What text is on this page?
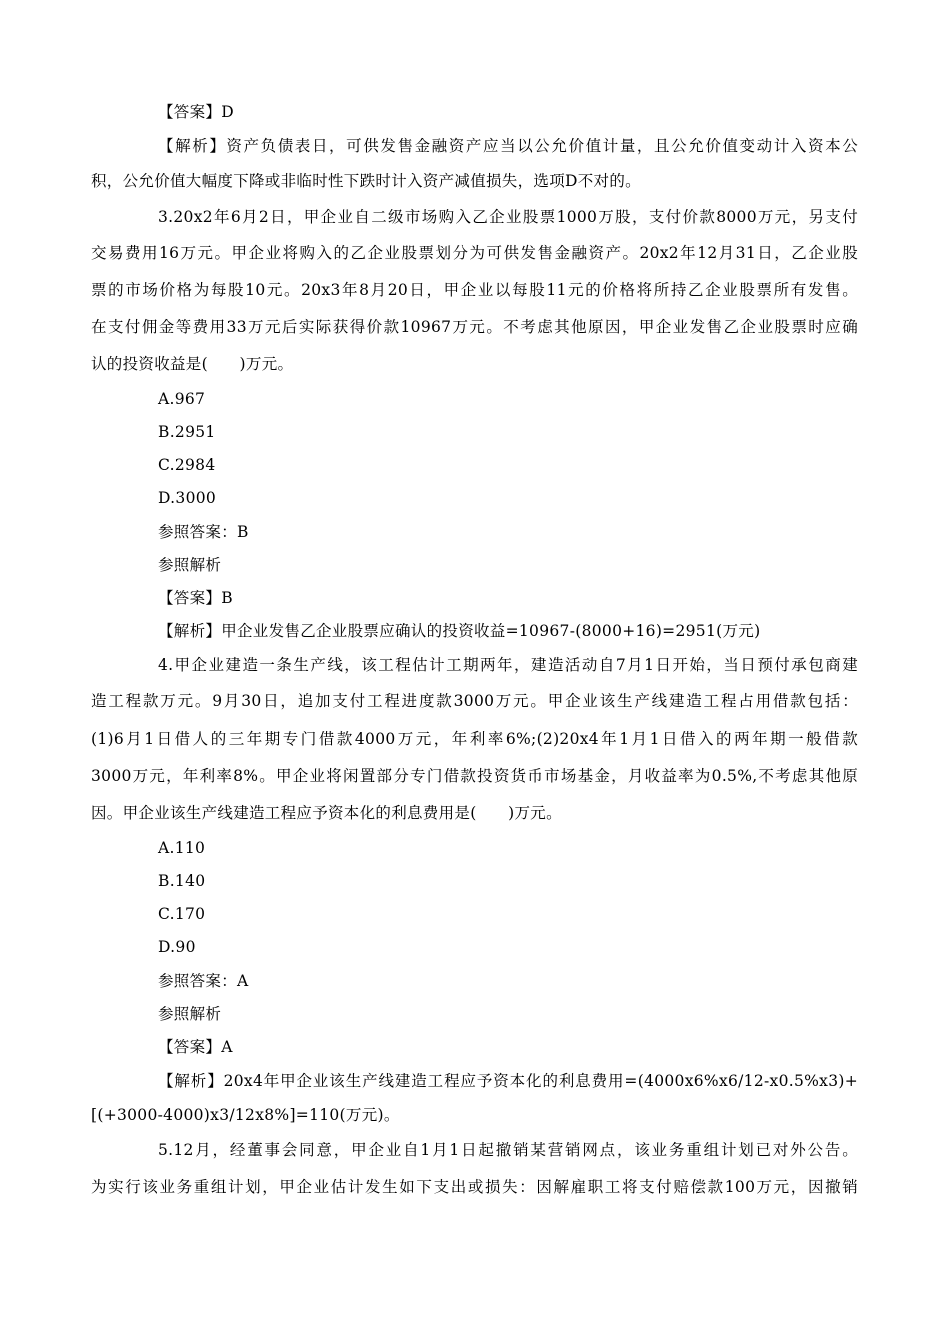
【答案】D
【解析】资产负债表日，可供发售金融资产应当以公允价值计量，且公允价值变动计入资本公
积，公允价值大幅度下降或非临时性下跌时计入资产减值损失，选项D不对的。
3.20x2年6月2日，甲企业自二级市场购入乙企业股票1000万股，支付价款8000万元，另支付
交易费用16万元。甲企业将购入的乙企业股票划分为可供发售金融资产。20x2年12月31日，乙企业股
票的市场价格为每股10元。20x3年8月20日，甲企业以每股11元的价格将所持乙企业股票所有发售。
在支付佣金等费用33万元后实际获得价款10967万元。不考虑其他原因，甲企业发售乙企业股票时应确
认的投资收益是(　　)万元。
A.967
B.2951
C.2984
D.3000
参照答案：B
参照解析
【答案】B
【解析】甲企业发售乙企业股票应确认的投资收益=10967-(8000+16)=2951(万元)
4.甲企业建造一条生产线，该工程估计工期两年，建造活动自7月1日开始，当日预付承包商建
造工程款万元。9月30日，追加支付工程进度款3000万元。甲企业该生产线建造工程占用借款包括：
(1)6月1日借人的三年期专门借款4000万元，年利率6%;(2)20x4年1月1日借入的两年期一般借款
3000万元，年利率8%。甲企业将闲置部分专门借款投资货币市场基金，月收益率为0.5%,不考虑其他原
因。甲企业该生产线建造工程应予资本化的利息费用是(　　)万元。
A.110
B.140
C.170
D.90
参照答案：A
参照解析
【答案】A
【解析】20x4年甲企业该生产线建造工程应予资本化的利息费用=(4000x6%x6/12-x0.5%x3)+
[(+3000-4000)x3/12x8%]=110(万元)。
5.12月，经董事会同意，甲企业自1月1日起撤销某营销网点，该业务重组计划已对外公告。
为实行该业务重组计划，甲企业估计发生如下支出或损失：因解雇职工将支付赔偿款100万元，因撤销
